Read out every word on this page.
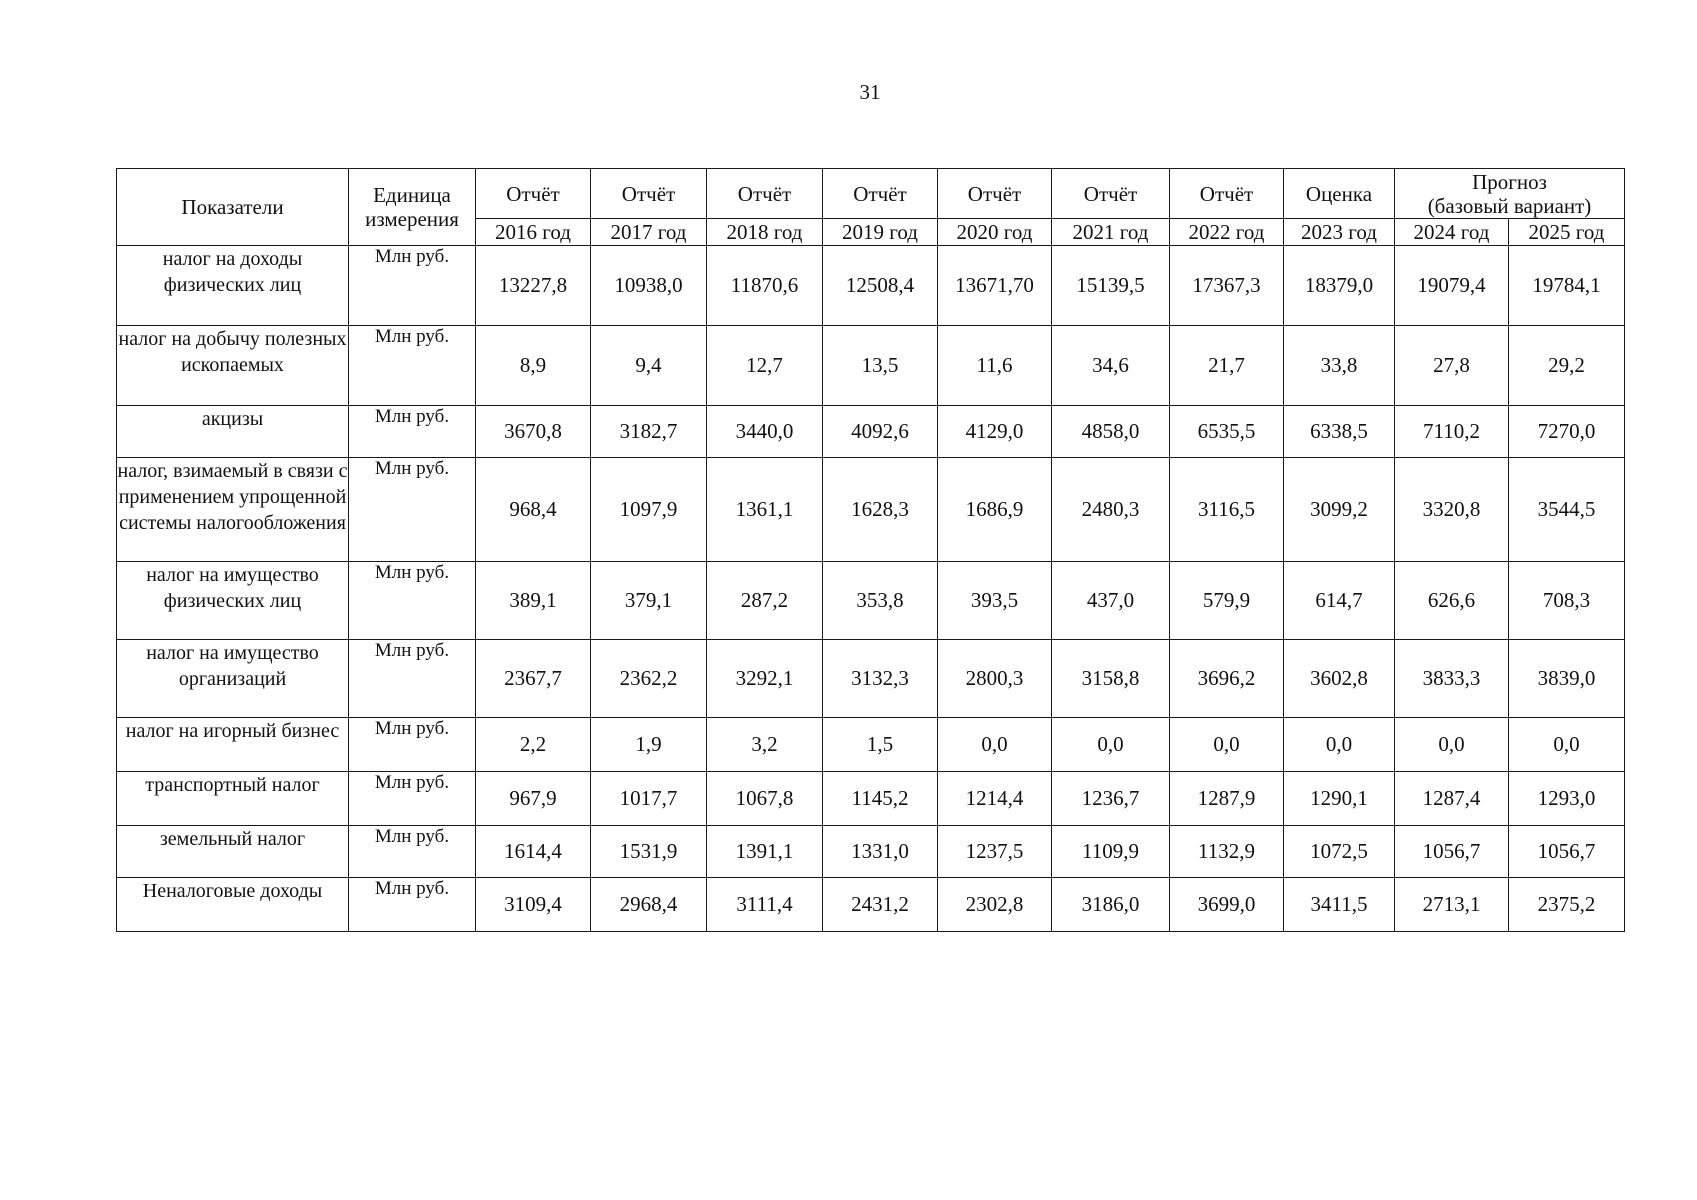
31
Показатели	Единица измерения	Отчёт	Отчёт	Отчёт	Отчёт	Отчёт	Отчёт	Отчёт	Оценка	Прогноз
(базовый вариант)	

		2016 год	2017 год	2018 год	2019 год	2020 год	2021 год	2022 год	2023 год	2024 год	2025 год
налог на доходы физических лиц	Млн руб.	13227,8	10938,0	11870,6	12508,4	13671,70	15139,5	17367,3	18379,0	19079,4	19784,1
налог на добычу полезных ископаемых	Млн руб.	8,9	9,4	12,7	13,5	11,6	34,6	21,7	33,8	27,8	29,2
акцизы	Млн руб.	3670,8	3182,7	3440,0	4092,6	4129,0	4858,0	6535,5	6338,5	7110,2	7270,0
налог, взимаемый в связи с применением упрощенной системы налогообложения	Млн руб.	968,4	1097,9	1361,1	1628,3	1686,9	2480,3	3116,5	3099,2	3320,8	3544,5
налог на имущество физических лиц	Млн руб.	389,1	379,1	287,2	353,8	393,5	437,0	579,9	614,7	626,6	708,3
налог на имущество организаций	Млн руб.	2367,7	2362,2	3292,1	3132,3	2800,3	3158,8	3696,2	3602,8	3833,3	3839,0
налог на игорный бизнес	Млн руб.	2,2	1,9	3,2	1,5	0,0	0,0	0,0	0,0	0,0	0,0
транспортный налог	Млн руб.	967,9	1017,7	1067,8	1145,2	1214,4	1236,7	1287,9	1290,1	1287,4	1293,0
земельный налог	Млн руб.	1614,4	1531,9	1391,1	1331,0	1237,5	1109,9	1132,9	1072,5	1056,7	1056,7
Неналоговые доходы	Млн руб.	3109,4	2968,4	3111,4	2431,2	2302,8	3186,0	3699,0	3411,5	2713,1	2375,2
